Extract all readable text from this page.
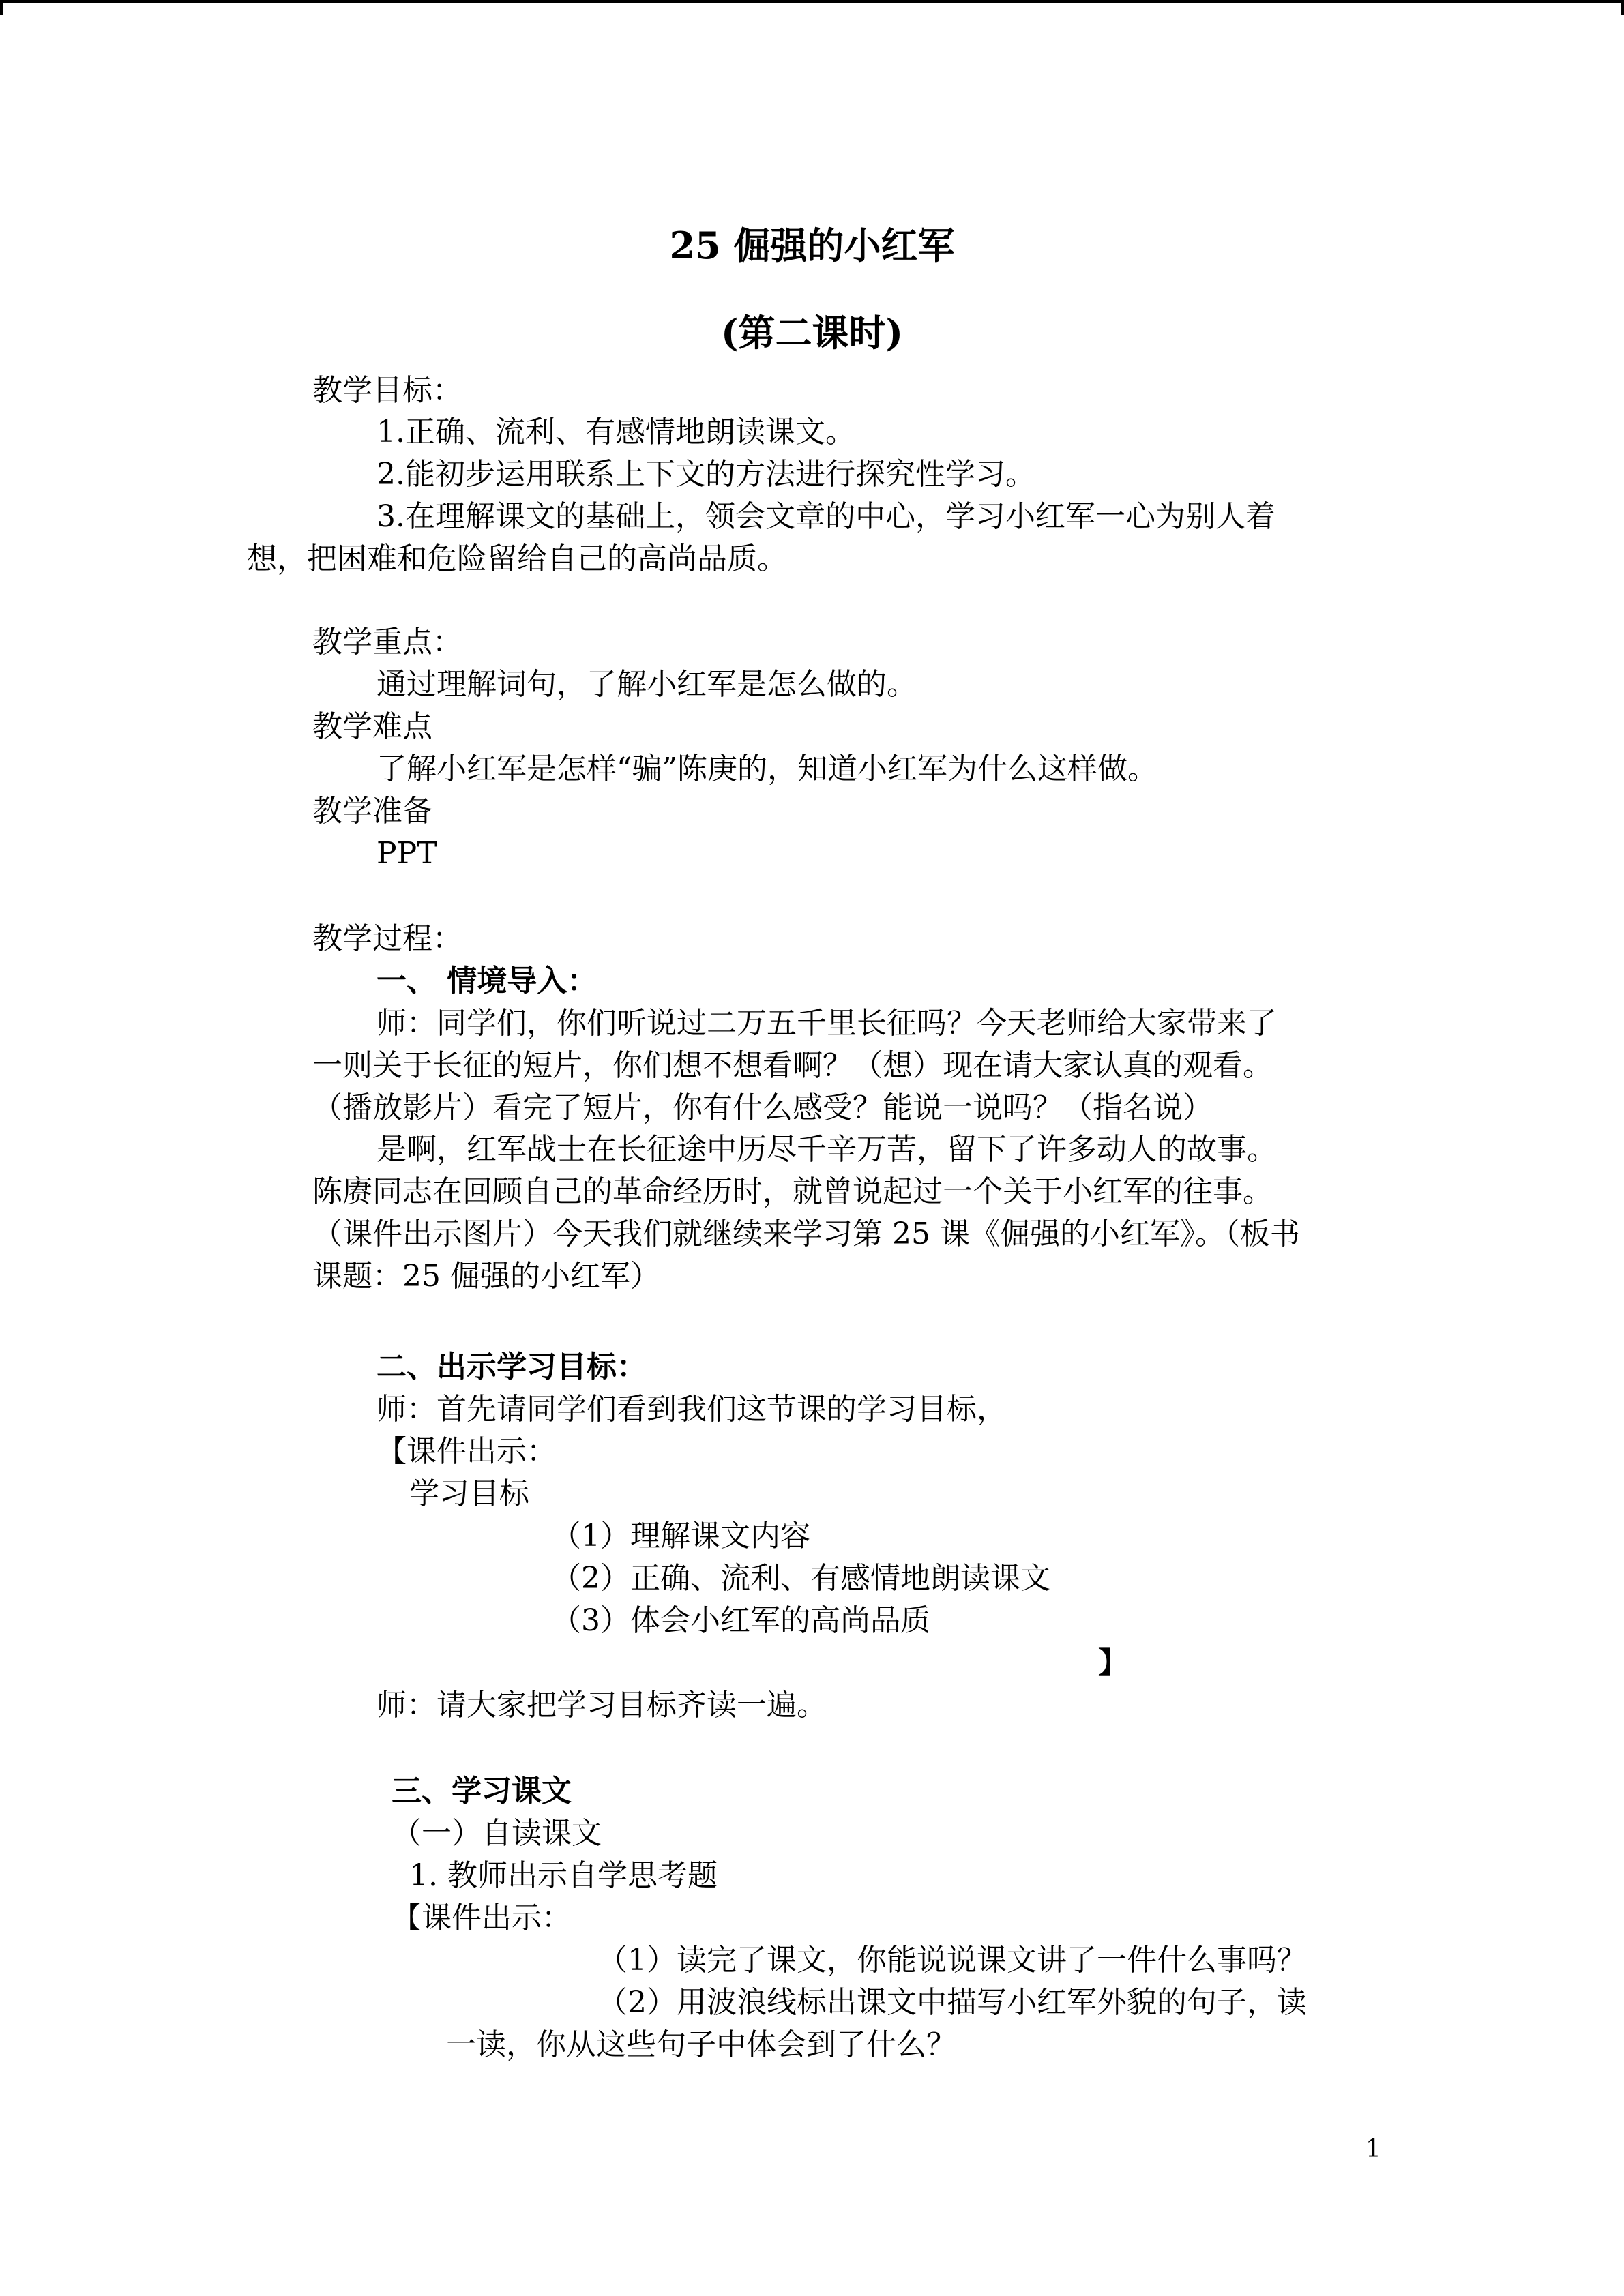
25 倔强的小红军
(第二课时)
教学目标：
1.正确、流利、有感情地朗读课文。
2.能初步运用联系上下文的方法进行探究性学习。
3.在理解课文的基础上，领会文章的中心，学习小红军一心为别人着
想，把困难和危险留给自己的高尚品质。
教学重点：
通过理解词句，了解小红军是怎么做的。
教学难点
了解小红军是怎样“骗”陈庚的，知道小红军为什么这样做。
教学准备
PPT
教学过程：
一、 情境导入：
师：同学们，你们听说过二万五千里长征吗？今天老师给大家带来了
一则关于长征的短片，你们想不想看啊？（想）现在请大家认真的观看。
（播放影片）看完了短片，你有什么感受？能说一说吗？（指名说）
是啊，红军战士在长征途中历尽千辛万苦，留下了许多动人的故事。
陈赓同志在回顾自己的革命经历时，就曾说起过一个关于小红军的往事。
（课件出示图片）今天我们就继续来学习第 25 课《倔强的小红军》。（板书
课题：25 倔强的小红军）
二、出示学习目标：
师：首先请同学们看到我们这节课的学习目标，
【课件出示：
学习目标
（1）理解课文内容
（2）正确、流利、有感情地朗读课文
（3）体会小红军的高尚品质
】
师：请大家把学习目标齐读一遍。
三、学习课文
（一）自读课文
1. 教师出示自学思考题
【课件出示：
（1）读完了课文，你能说说课文讲了一件什么事吗？
（2）用波浪线标出课文中描写小红军外貌的句子，读
一读，你从这些句子中体会到了什么？
1
